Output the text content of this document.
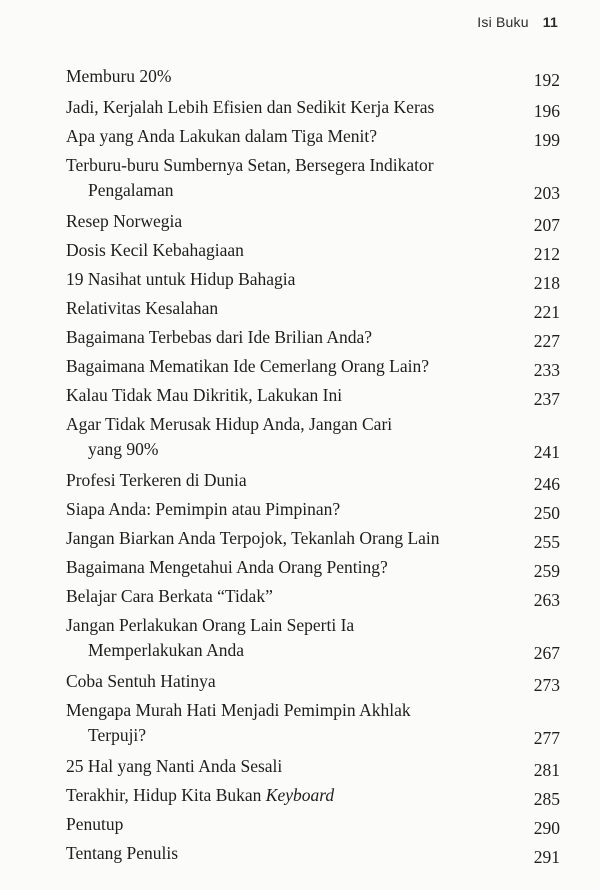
Isi Buku 11
Memburu 20%	192
Jadi, Kerjalah Lebih Efisien dan Sedikit Kerja Keras	196
Apa yang Anda Lakukan dalam Tiga Menit?	199
Terburu-buru Sumbernya Setan, Bersegera Indikator
Pengalaman	203
Resep Norwegia	207
Dosis Kecil Kebahagiaan	212
19 Nasihat untuk Hidup Bahagia	218
Relativitas Kesalahan	221
Bagaimana Terbebas dari Ide Brilian Anda?	227
Bagaimana Mematikan Ide Cemerlang Orang Lain?	233
Kalau Tidak Mau Dikritik, Lakukan Ini	237
Agar Tidak Merusak Hidup Anda, Jangan Cari
yang 90%	241
Profesi Terkeren di Dunia	246
Siapa Anda: Pemimpin atau Pimpinan?	250
Jangan Biarkan Anda Terpojok, Tekanlah Orang Lain	255
Bagaimana Mengetahui Anda Orang Penting?	259
Belajar Cara Berkata “Tidak”	263
Jangan Perlakukan Orang Lain Seperti Ia
Memperlakukan Anda	267
Coba Sentuh Hatinya	273
Mengapa Murah Hati Menjadi Pemimpin Akhlak
Terpuji?	277
25 Hal yang Nanti Anda Sesali	281
Terakhir, Hidup Kita Bukan Keyboard	285
Penutup	290
Tentang Penulis	291
